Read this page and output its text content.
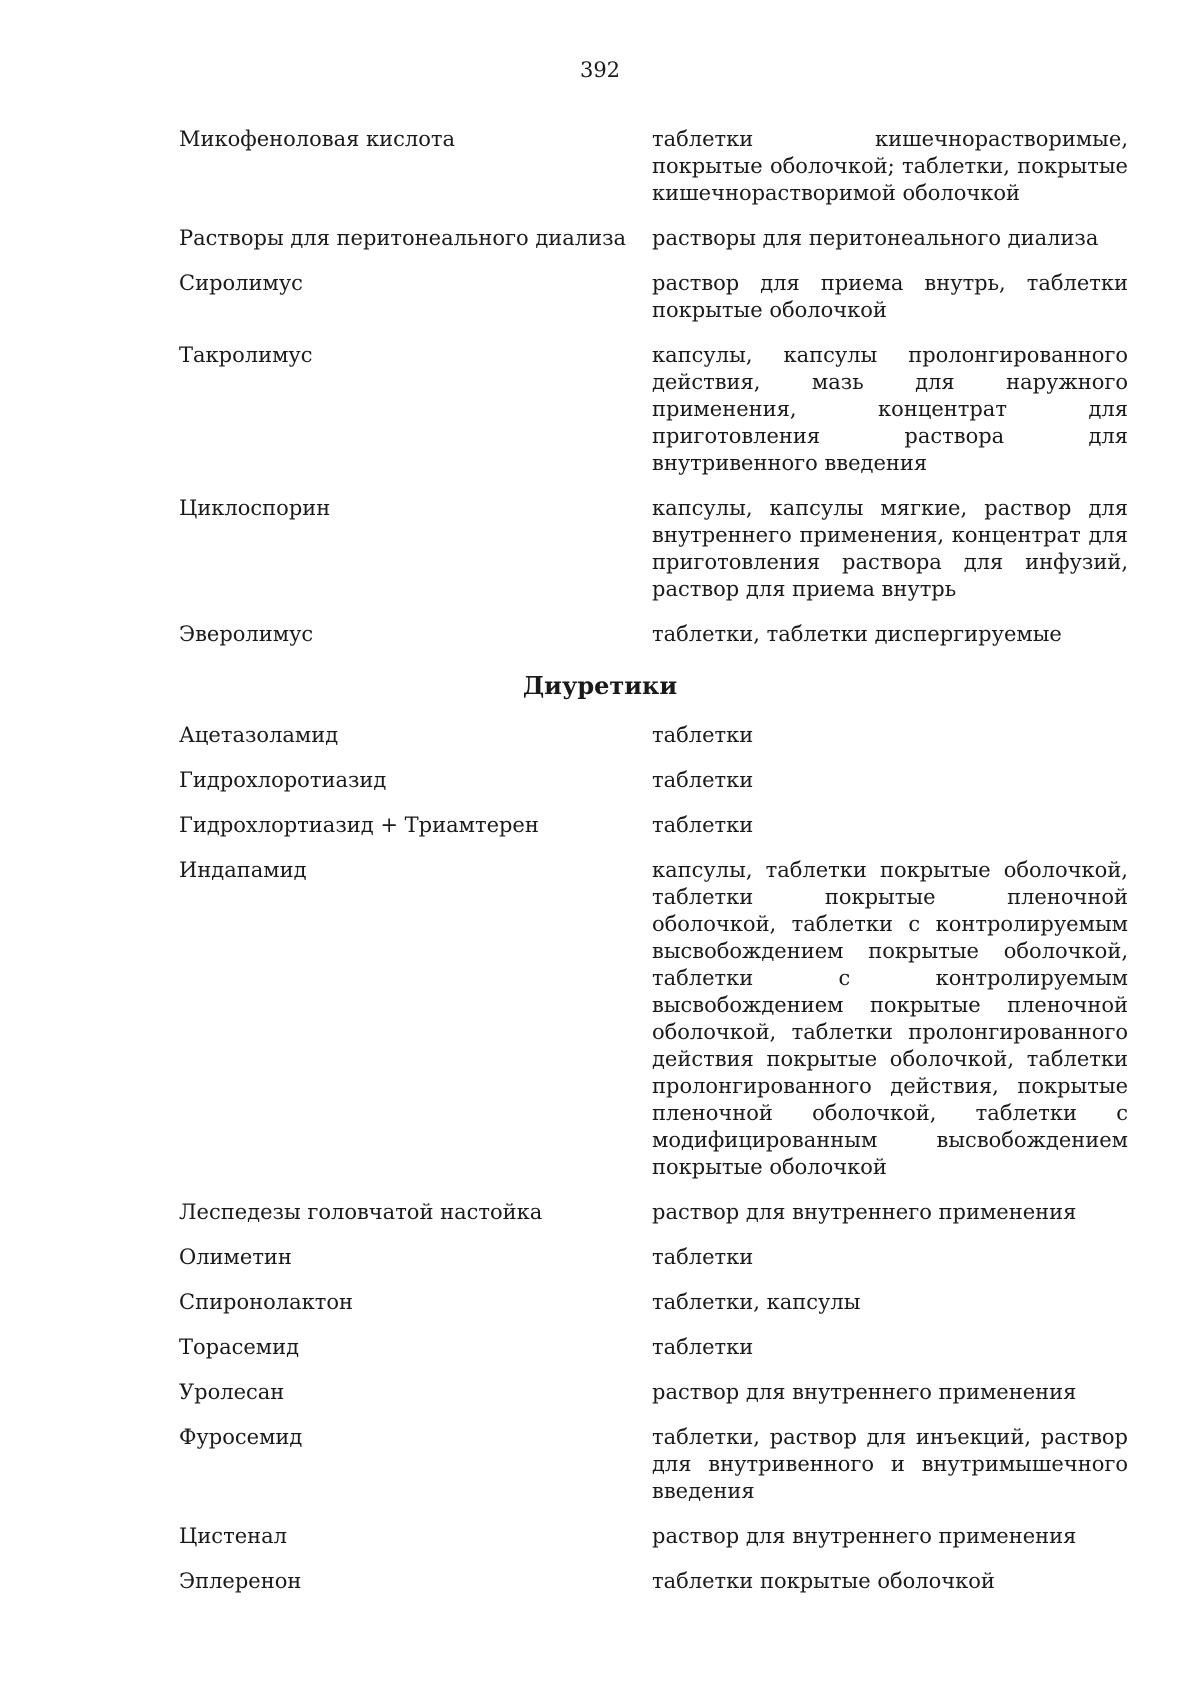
392
Микофеноловая кислота	таблетки кишечнорастворимые, покрытые оболочкой; таблетки, покрытые кишечнорастворимой оболочкой
Растворы для перитонеального диализа	растворы для перитонеального диализа
Сиролимус	раствор для приема внутрь, таблетки покрытые оболочкой
Такролимус	капсулы, капсулы пролонгированного действия, мазь для наружного применения, концентрат для приготовления раствора для внутривенного введения
Циклоспорин	капсулы, капсулы мягкие, раствор для внутреннего применения, концентрат для приготовления раствора для инфузий, раствор для приема внутрь
Эверолимус	таблетки, таблетки диспергируемые
Диуретики
Ацетазоламид	таблетки
Гидрохлоротиазид	таблетки
Гидрохлортиазид + Триамтерен	таблетки
Индапамид	капсулы, таблетки покрытые оболочкой, таблетки покрытые пленочной оболочкой, таблетки с контролируемым высвобождением покрытые оболочкой, таблетки с контролируемым высвобождением покрытые пленочной оболочкой, таблетки пролонгированного действия покрытые оболочкой, таблетки пролонгированного действия, покрытые пленочной оболочкой, таблетки с модифицированным высвобождением покрытые оболочкой
Леспедезы головчатой настойка	раствор для внутреннего применения
Олиметин	таблетки
Спиронолактон	таблетки, капсулы
Торасемид	таблетки
Уролесан	раствор для внутреннего применения
Фуросемид	таблетки, раствор для инъекций, раствор для внутривенного и внутримышечного введения
Цистенал	раствор для внутреннего применения
Эплеренон	таблетки покрытые оболочкой
